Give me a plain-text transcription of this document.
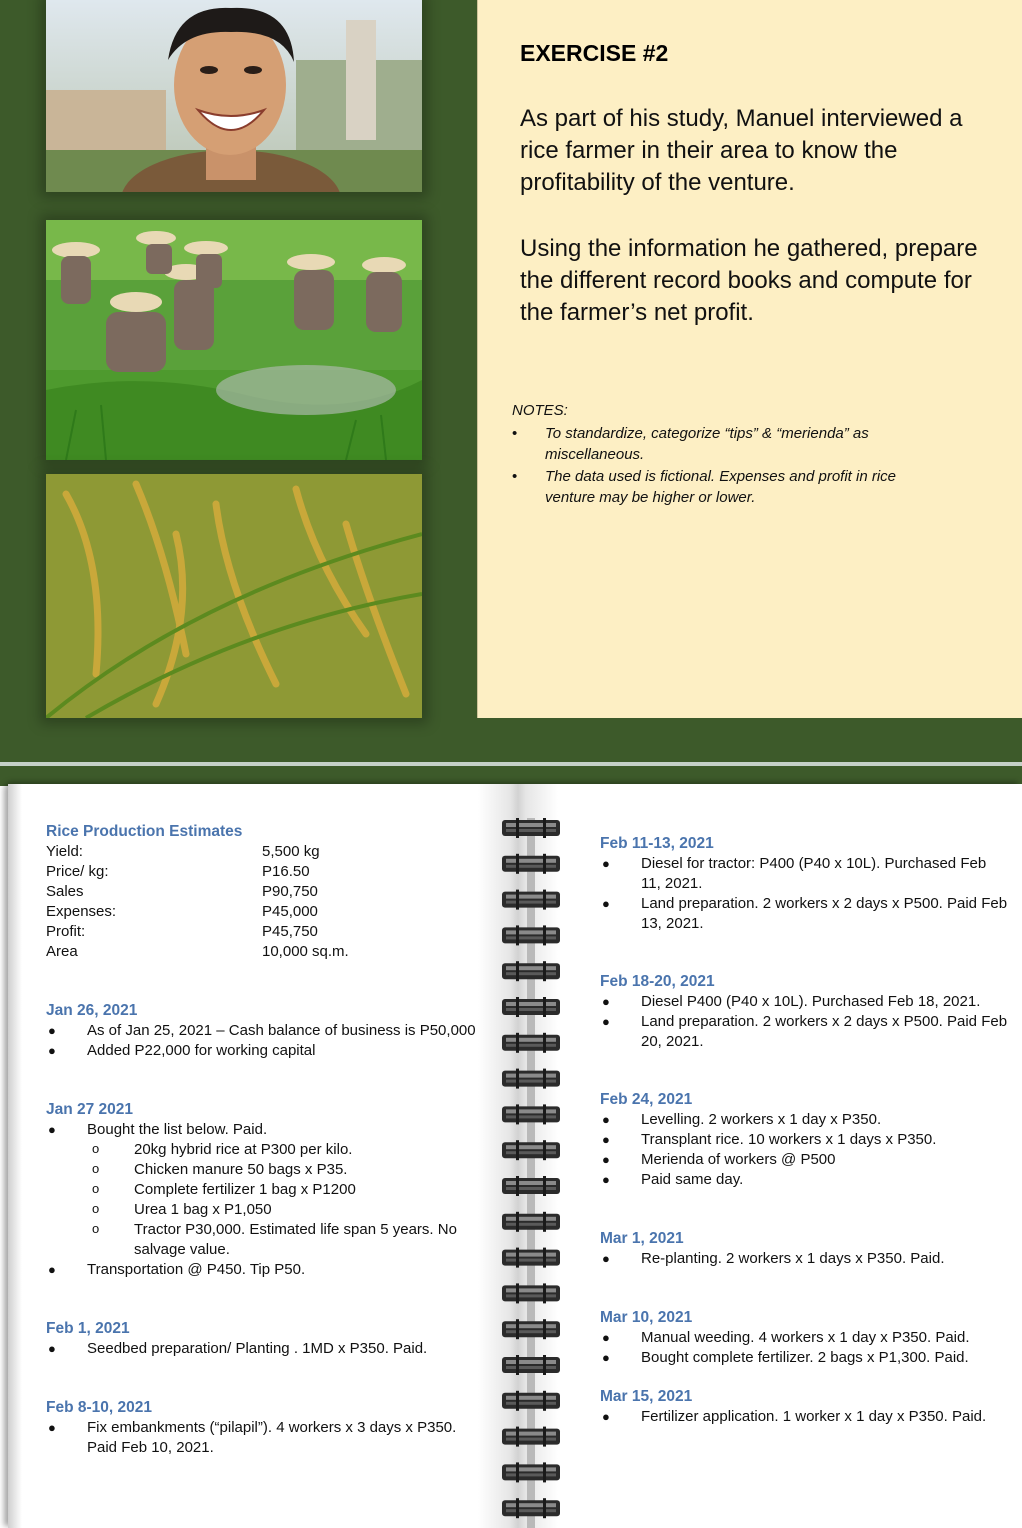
EXERCISE #2
As part of his study, Manuel interviewed a rice farmer in their area to know the profitability of the venture.
Using the information he gathered, prepare the different record books and compute for the farmer’s net profit.
NOTES:
• To standardize, categorize “tips” & “merienda” as miscellaneous.
• The data used is fictional. Expenses and profit in rice venture may be higher or lower.
Rice Production Estimates
Yield:	5,500 kg
Price/ kg:	P16.50
Sales	P90,750
Expenses:	P45,000
Profit:	P45,750
Area	10,000 sq.m.
Jan 26, 2021
● As of Jan 25, 2021 – Cash balance of business is P50,000
● Added P22,000 for working capital
Jan 27 2021
● Bought the list below. Paid.
o 20kg hybrid rice at P300 per kilo.
o Chicken manure 50 bags x P35.
o Complete fertilizer 1 bag x P1200
o Urea 1 bag x P1,050
o Tractor P30,000. Estimated life span 5 years. No salvage value.
● Transportation @ P450. Tip P50.
Feb 1, 2021
● Seedbed preparation/ Planting . 1MD x P350. Paid.
Feb 8-10, 2021
● Fix embankments (“pilapil”). 4 workers x 3 days x P350. Paid Feb 10, 2021.
Feb 11-13, 2021
● Diesel for tractor: P400 (P40 x 10L). Purchased Feb 11, 2021.
● Land preparation. 2 workers x 2 days x P500. Paid Feb 13, 2021.
Feb 18-20, 2021
● Diesel P400 (P40 x 10L). Purchased Feb 18, 2021.
● Land preparation. 2 workers x 2 days x P500. Paid Feb 20, 2021.
Feb 24, 2021
● Levelling. 2 workers x 1 day x P350.
● Transplant rice. 10 workers x 1 days x P350.
● Merienda of workers @ P500
● Paid same day.
Mar 1, 2021
● Re-planting. 2 workers x 1 days x P350. Paid.
Mar 10, 2021
● Manual weeding. 4 workers x 1 day x P350. Paid.
● Bought complete fertilizer. 2 bags x P1,300. Paid.
Mar 15, 2021
● Fertilizer application. 1 worker x 1 day x P350. Paid.
